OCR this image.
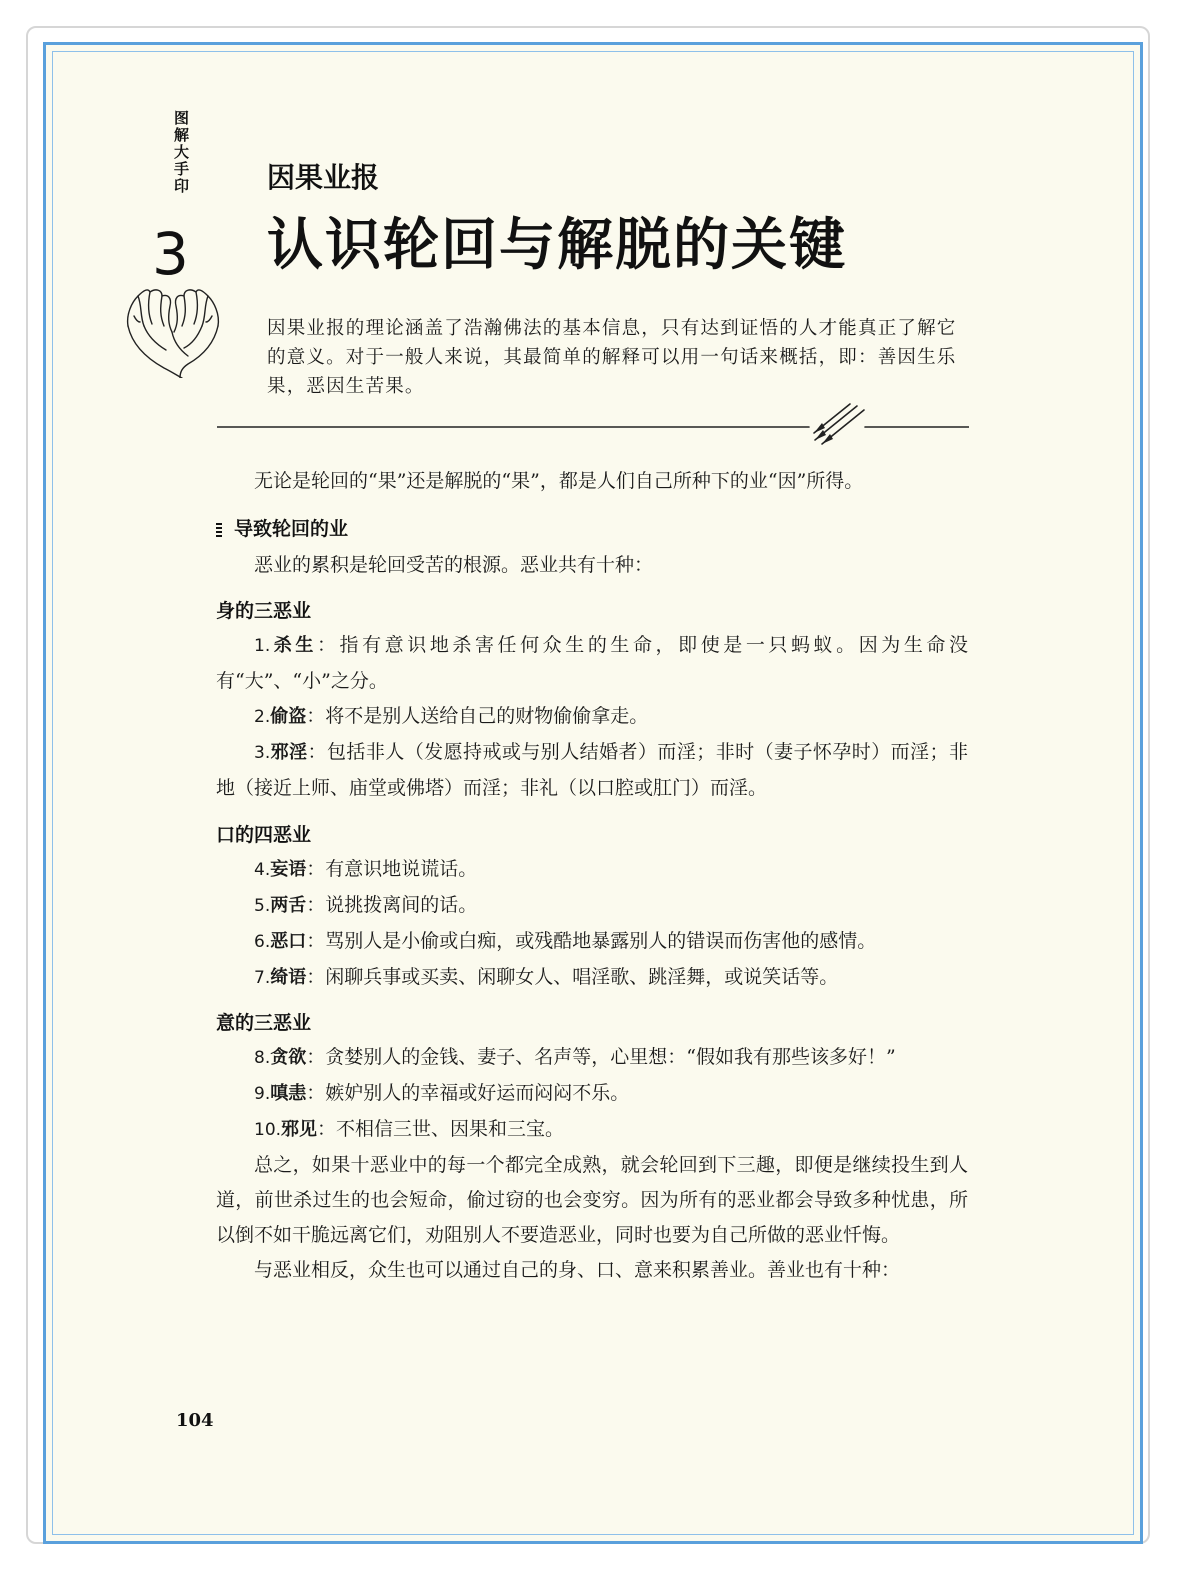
图解大手印
3
因果业报
认识轮回与解脱的关键
因果业报的理论涵盖了浩瀚佛法的基本信息，只有达到证悟的人才能真正了解它的意义。对于一般人来说，其最简单的解释可以用一句话来概括，即：善因生乐果，恶因生苦果。

无论是轮回的“果”还是解脱的“果”，都是人们自己所种下的业“因”所得。

导致轮回的业

恶业的累积是轮回受苦的根源。恶业共有十种：

身的三恶业

1.杀生：指有意识地杀害任何众生的生命，即使是一只蚂蚁。因为生命没有“大”、“小”之分。

2.偷盗：将不是别人送给自己的财物偷偷拿走。

3.邪淫：包括非人（发愿持戒或与别人结婚者）而淫；非时（妻子怀孕时）而淫；非地（接近上师、庙堂或佛塔）而淫；非礼（以口腔或肛门）而淫。

口的四恶业

4.妄语：有意识地说谎话。

5.两舌：说挑拨离间的话。

6.恶口：骂别人是小偷或白痴，或残酷地暴露别人的错误而伤害他的感情。

7.绮语：闲聊兵事或买卖、闲聊女人、唱淫歌、跳淫舞，或说笑话等。

意的三恶业

8.贪欲：贪婪别人的金钱、妻子、名声等，心里想：“假如我有那些该多好！”

9.嗔恚：嫉妒别人的幸福或好运而闷闷不乐。

10.邪见：不相信三世、因果和三宝。

总之，如果十恶业中的每一个都完全成熟，就会轮回到下三趣，即便是继续投生到人道，前世杀过生的也会短命，偷过窃的也会变穷。因为所有的恶业都会导致多种忧患，所以倒不如干脆远离它们，劝阻别人不要造恶业，同时也要为自己所做的恶业忏悔。

与恶业相反，众生也可以通过自己的身、口、意来积累善业。善业也有十种：

104
